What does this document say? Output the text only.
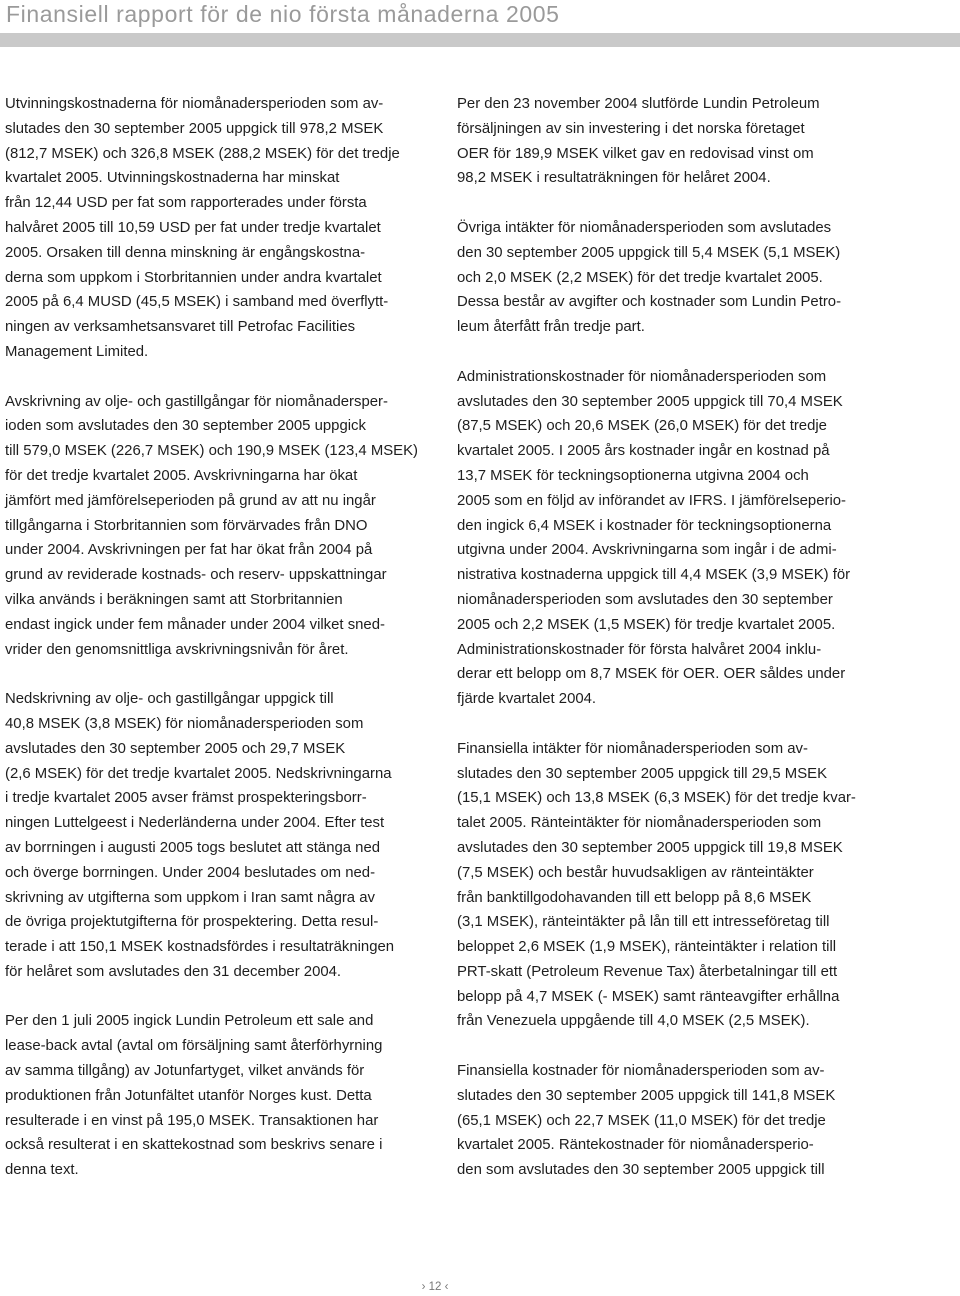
Finansiell rapport för de nio första månaderna 2005

Utvinningskostnaderna för niomånadersperioden som av-
slutades den 30 september 2005 uppgick till 978,2 MSEK
(812,7 MSEK) och 326,8 MSEK (288,2 MSEK) för det tredje
kvartalet 2005. Utvinningskostnaderna har minskat
från 12,44 USD per fat som rapporterades under första
halvåret 2005 till 10,59 USD per fat under tredje kvartalet
2005. Orsaken till denna minskning är engångskostna-
derna som uppkom i Storbritannien under andra kvartalet
2005 på 6,4 MUSD (45,5 MSEK) i samband med överflytt-
ningen av verksamhetsansvaret till Petrofac Facilities
Management Limited.

Avskrivning av olje- och gastillgångar för niomånadersper-
ioden som avslutades den 30 september 2005 uppgick
till 579,0 MSEK (226,7 MSEK) och 190,9 MSEK (123,4 MSEK)
för det tredje kvartalet 2005. Avskrivningarna har ökat
jämfört med jämförelseperioden på grund av att nu ingår
tillgångarna i Storbritannien som förvärvades från DNO
under 2004. Avskrivningen per fat har ökat från 2004 på
grund av reviderade kostnads- och reserv- uppskattningar
vilka används i beräkningen samt att Storbritannien
endast ingick under fem månader under 2004 vilket sned-
vrider den genomsnittliga avskrivningsnivån för året.

Nedskrivning av olje- och gastillgångar uppgick till
40,8 MSEK (3,8 MSEK) för niomånadersperioden som
avslutades den 30 september 2005 och 29,7 MSEK
(2,6 MSEK) för det tredje kvartalet 2005. Nedskrivningarna
i tredje kvartalet 2005 avser främst prospekteringsborr-
ningen Luttelgeest i Nederländerna under 2004. Efter test
av borrningen i augusti 2005 togs beslutet att stänga ned
och överge borrningen. Under 2004 beslutades om ned-
skrivning av utgifterna som uppkom i Iran samt några av
de övriga projektutgifterna för prospektering. Detta resul-
terade i att 150,1 MSEK kostnadsfördes i resultaträkningen
för helåret som avslutades den 31 december 2004.

Per den 1 juli 2005 ingick Lundin Petroleum ett sale and
lease-back avtal (avtal om försäljning samt återförhyrning
av samma tillgång) av Jotunfartyget, vilket används för
produktionen från Jotunfältet utanför Norges kust. Detta
resulterade i en vinst på 195,0 MSEK. Transaktionen har
också resulterat i en skattekostnad som beskrivs senare i
denna text.

Per den 23 november 2004 slutförde Lundin Petroleum
försäljningen av sin investering i det norska företaget
OER för 189,9 MSEK vilket gav en redovisad vinst om
98,2 MSEK i resultaträkningen för helåret 2004.

Övriga intäkter för niomånadersperioden som avslutades
den 30 september 2005 uppgick till 5,4 MSEK (5,1 MSEK)
och 2,0 MSEK (2,2 MSEK) för det tredje kvartalet 2005.
Dessa består av avgifter och kostnader som Lundin Petro-
leum återfått från tredje part.

Administrationskostnader för niomånadersperioden som
avslutades den 30 september 2005 uppgick till 70,4 MSEK
(87,5 MSEK) och 20,6 MSEK (26,0 MSEK) för det tredje
kvartalet 2005. I 2005 års kostnader ingår en kostnad på
13,7 MSEK för teckningsoptionerna utgivna 2004 och
2005 som en följd av införandet av IFRS. I jämförelseperio-
den ingick 6,4 MSEK i kostnader för teckningsoptionerna
utgivna under 2004. Avskrivningarna som ingår i de admi-
nistrativa kostnaderna uppgick till 4,4 MSEK (3,9 MSEK) för
niomånadersperioden som avslutades den 30 september
2005 och 2,2 MSEK (1,5 MSEK) för tredje kvartalet 2005.
Administrationskostnader för första halvåret 2004 inklu-
derar ett belopp om 8,7 MSEK för OER. OER såldes under
fjärde kvartalet 2004.

Finansiella intäkter för niomånadersperioden som av-
slutades den 30 september 2005 uppgick till 29,5 MSEK
(15,1 MSEK) och 13,8 MSEK (6,3 MSEK) för det tredje kvar-
talet 2005. Ränteintäkter för niomånadersperioden som
avslutades den 30 september 2005 uppgick till 19,8 MSEK
(7,5 MSEK) och består huvudsakligen av ränteintäkter
från banktillgodohavanden till ett belopp på 8,6 MSEK
(3,1 MSEK), ränteintäkter på lån till ett intresseföretag till
beloppet 2,6 MSEK (1,9 MSEK), ränteintäkter i relation till
PRT-skatt (Petroleum Revenue Tax) återbetalningar till ett
belopp på 4,7 MSEK (- MSEK) samt ränteavgifter erhållna
från Venezuela uppgående till 4,0 MSEK (2,5 MSEK).

Finansiella kostnader för niomånadersperioden som av-
slutades den 30 september 2005 uppgick till 141,8 MSEK
(65,1 MSEK) och 22,7 MSEK (11,0 MSEK) för det tredje
kvartalet 2005. Räntekostnader för niomånadersperio-
den som avslutades den 30 september 2005 uppgick till

› 12 ‹
